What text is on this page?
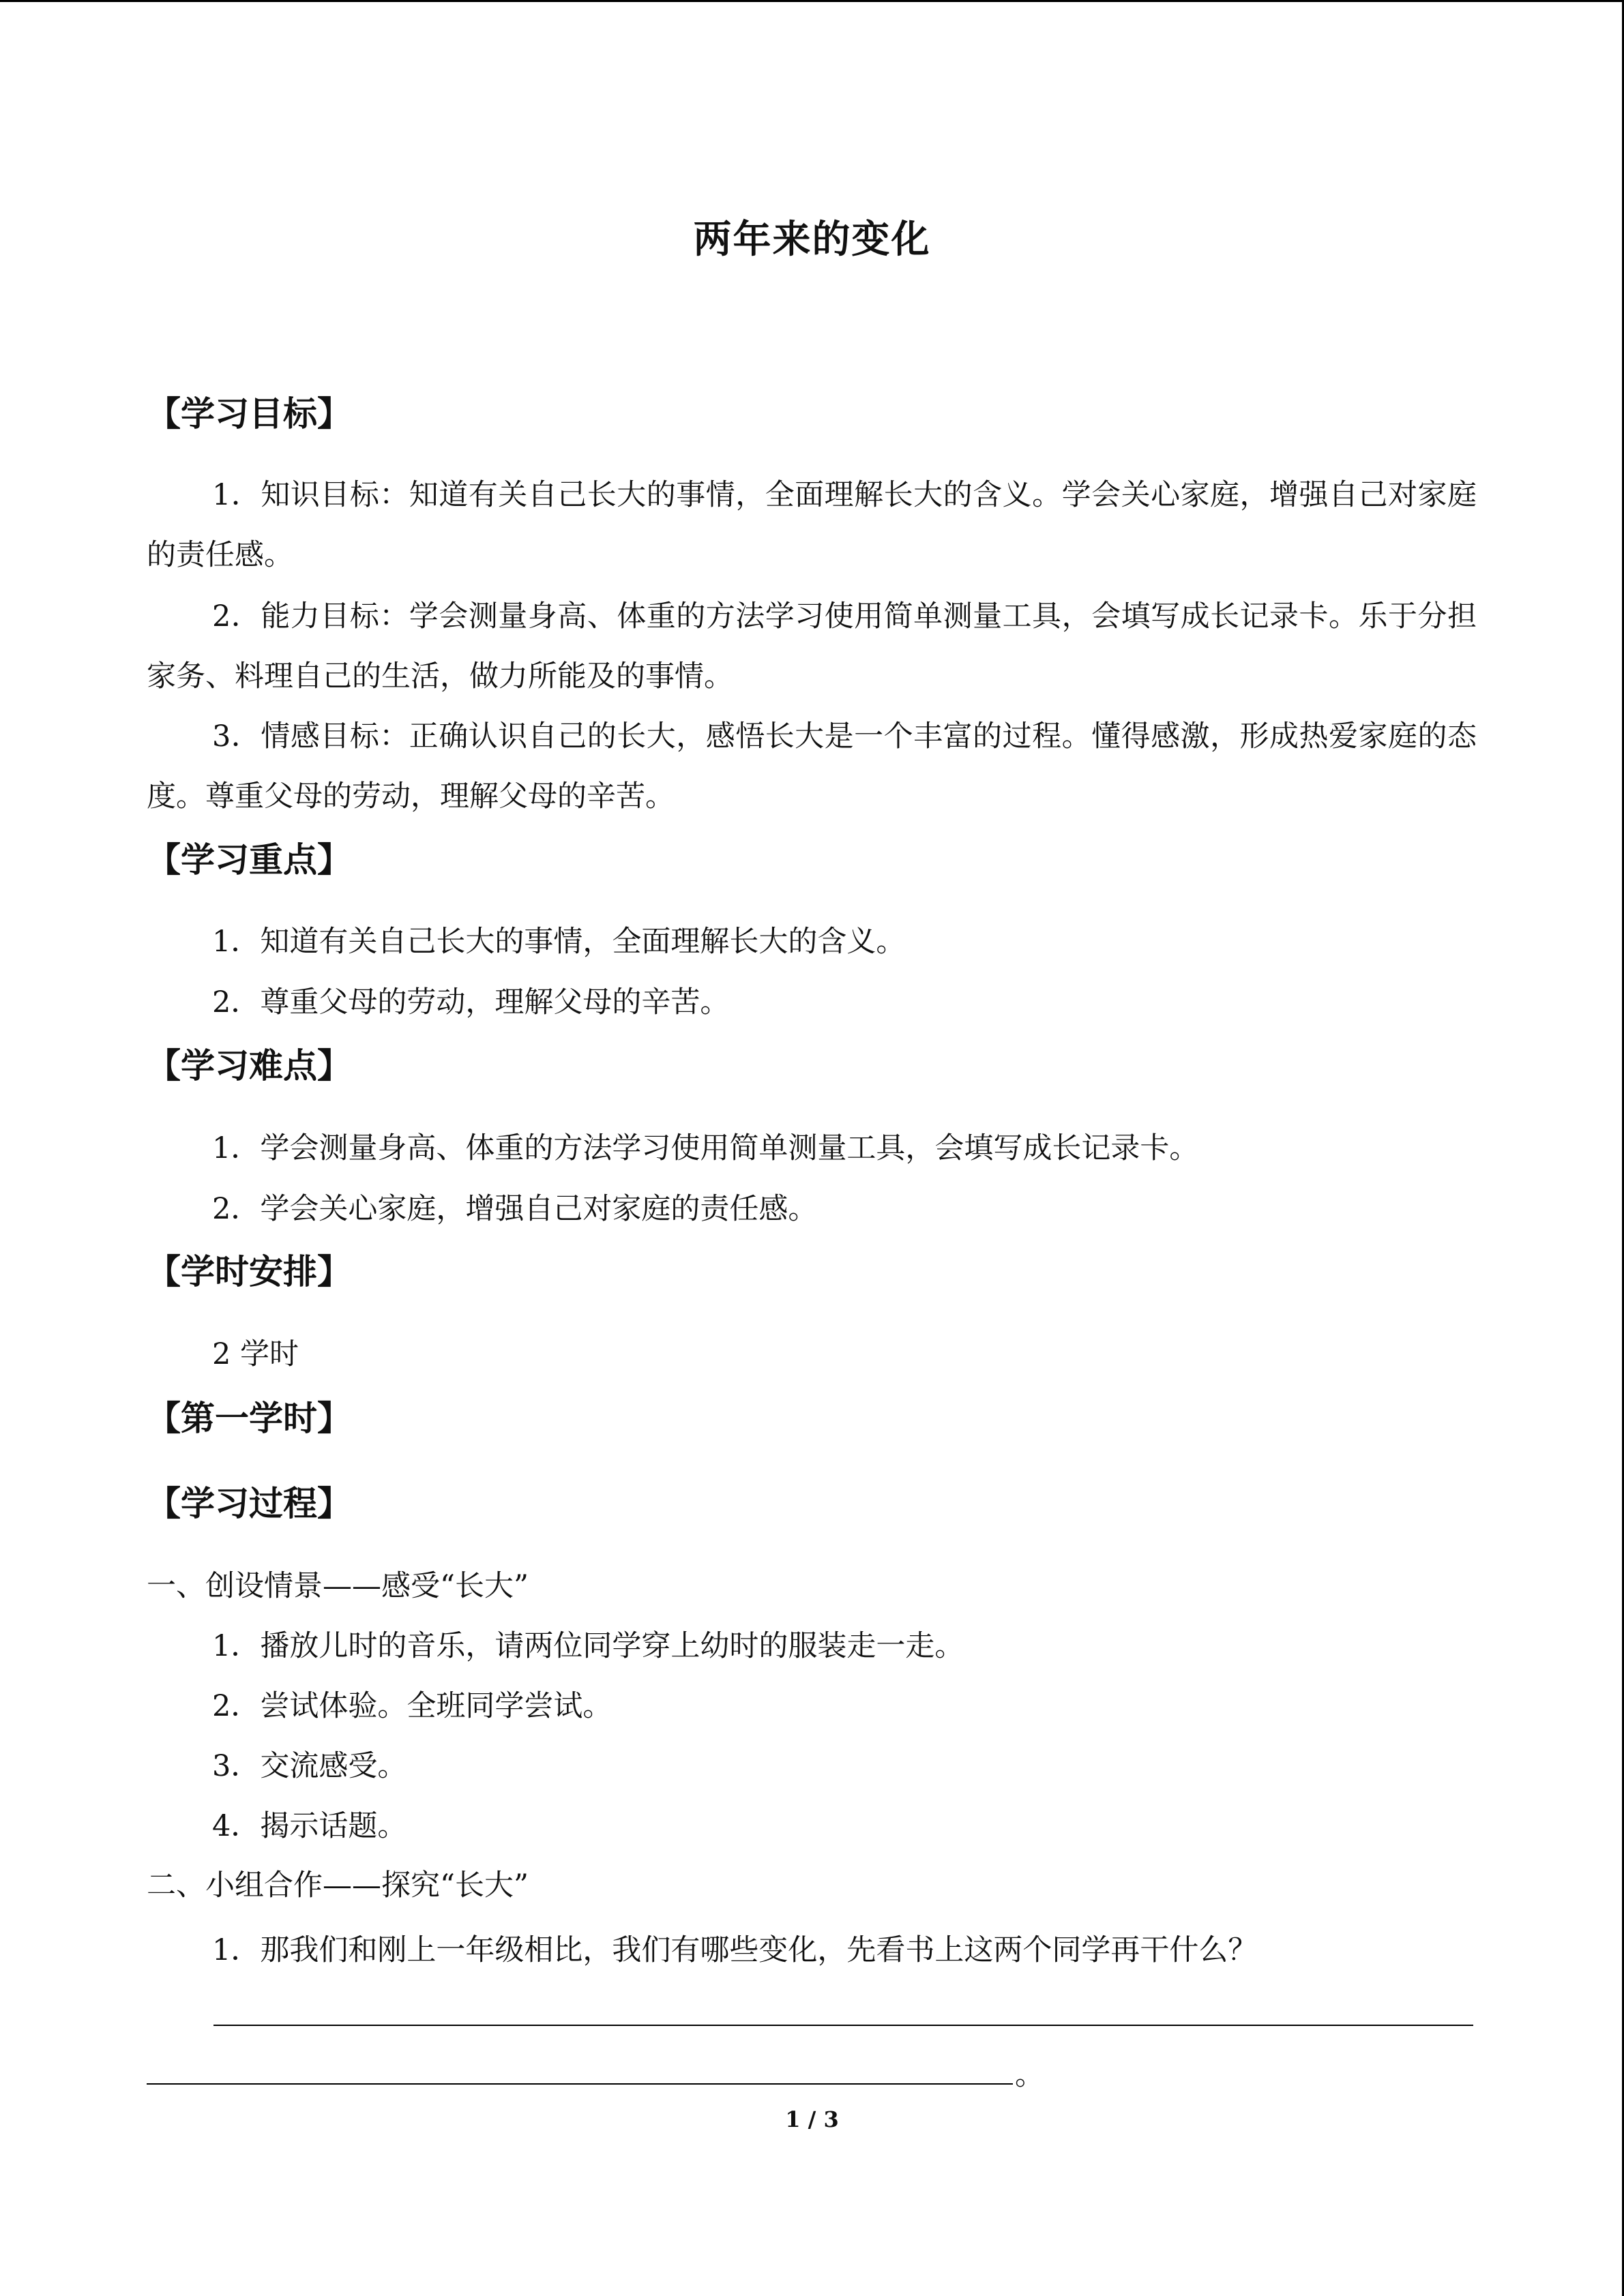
两年来的变化
【学习目标】
1．知识目标：知道有关自己长大的事情，全面理解长大的含义。学会关心家庭，增强自己对家庭的责任感。
2．能力目标：学会测量身高、体重的方法学习使用简单测量工具，会填写成长记录卡。乐于分担家务、料理自己的生活，做力所能及的事情。
3．情感目标：正确认识自己的长大，感悟长大是一个丰富的过程。懂得感激，形成热爱家庭的态度。尊重父母的劳动，理解父母的辛苦。
【学习重点】
1．知道有关自己长大的事情，全面理解长大的含义。
2．尊重父母的劳动，理解父母的辛苦。
【学习难点】
1．学会测量身高、体重的方法学习使用简单测量工具，会填写成长记录卡。
2．学会关心家庭，增强自己对家庭的责任感。
【学时安排】
2 学时
【第一学时】
【学习过程】
一、创设情景——感受“长大”
1．播放儿时的音乐，请两位同学穿上幼时的服装走一走。
2．尝试体验。全班同学尝试。
3．交流感受。
4．揭示话题。
二、小组合作——探究“长大”
1．那我们和刚上一年级相比，我们有哪些变化，先看书上这两个同学再干什么？
。
1 / 3
